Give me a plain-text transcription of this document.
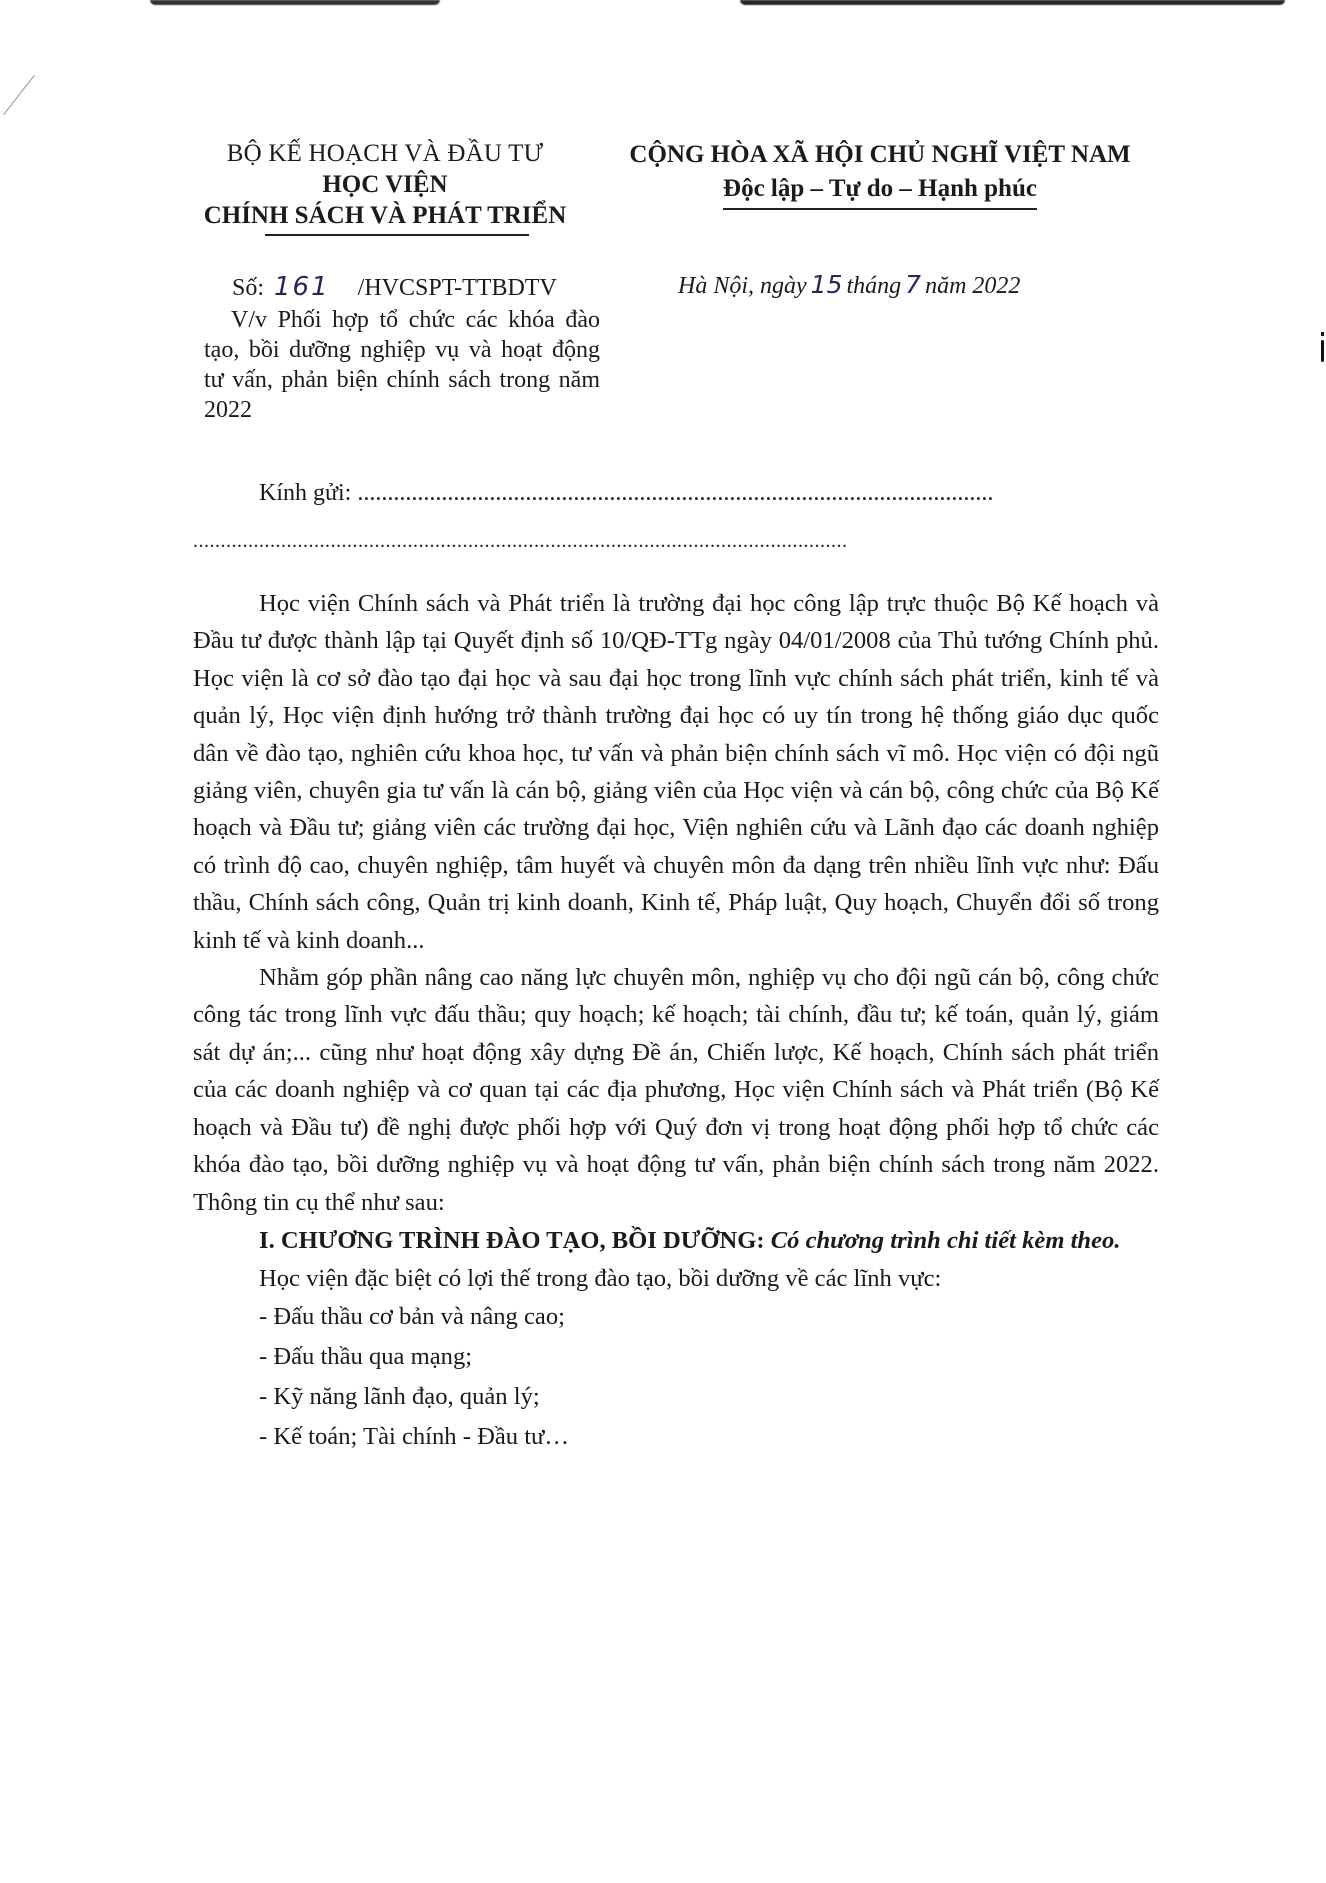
BỘ KẾ HOẠCH VÀ ĐẦU TƯ
HỌC VIỆN
CHÍNH SÁCH VÀ PHÁT TRIỂN
CỘNG HÒA XÃ HỘI CHỦ NGHĨ VIỆT NAM
Độc lập – Tự do – Hạnh phúc
Số: 161 /HVCSPT-TTBDTV
V/v Phối hợp tổ chức các khóa đào tạo, bồi dưỡng nghiệp vụ và hoạt động tư vấn, phản biện chính sách trong năm 2022
Hà Nội, ngày 15 tháng 7 năm 2022
Kính gửi: ..........................................................................................................
.......................................................................................................................

Học viện Chính sách và Phát triển là trường đại học công lập trực thuộc Bộ Kế hoạch và Đầu tư được thành lập tại Quyết định số 10/QĐ-TTg ngày 04/01/2008 của Thủ tướng Chính phủ. Học viện là cơ sở đào tạo đại học và sau đại học trong lĩnh vực chính sách phát triển, kinh tế và quản lý, Học viện định hướng trở thành trường đại học có uy tín trong hệ thống giáo dục quốc dân về đào tạo, nghiên cứu khoa học, tư vấn và phản biện chính sách vĩ mô. Học viện có đội ngũ giảng viên, chuyên gia tư vấn là cán bộ, giảng viên của Học viện và cán bộ, công chức của Bộ Kế hoạch và Đầu tư; giảng viên các trường đại học, Viện nghiên cứu và Lãnh đạo các doanh nghiệp có trình độ cao, chuyên nghiệp, tâm huyết và chuyên môn đa dạng trên nhiều lĩnh vực như: Đấu thầu, Chính sách công, Quản trị kinh doanh, Kinh tế, Pháp luật, Quy hoạch, Chuyển đổi số trong kinh tế và kinh doanh...

Nhằm góp phần nâng cao năng lực chuyên môn, nghiệp vụ cho đội ngũ cán bộ, công chức công tác trong lĩnh vực đấu thầu; quy hoạch; kế hoạch; tài chính, đầu tư; kế toán, quản lý, giám sát dự án;... cũng như hoạt động xây dựng Đề án, Chiến lược, Kế hoạch, Chính sách phát triển của các doanh nghiệp và cơ quan tại các địa phương, Học viện Chính sách và Phát triển (Bộ Kế hoạch và Đầu tư) đề nghị được phối hợp với Quý đơn vị trong hoạt động phối hợp tổ chức các khóa đào tạo, bồi dưỡng nghiệp vụ và hoạt động tư vấn, phản biện chính sách trong năm 2022. Thông tin cụ thể như sau:

I. CHƯƠNG TRÌNH ĐÀO TẠO, BỒI DƯỠNG: Có chương trình chi tiết kèm theo.

Học viện đặc biệt có lợi thế trong đào tạo, bồi dưỡng về các lĩnh vực:

- Đấu thầu cơ bản và nâng cao;
- Đấu thầu qua mạng;
- Kỹ năng lãnh đạo, quản lý;
- Kế toán; Tài chính - Đầu tư…
